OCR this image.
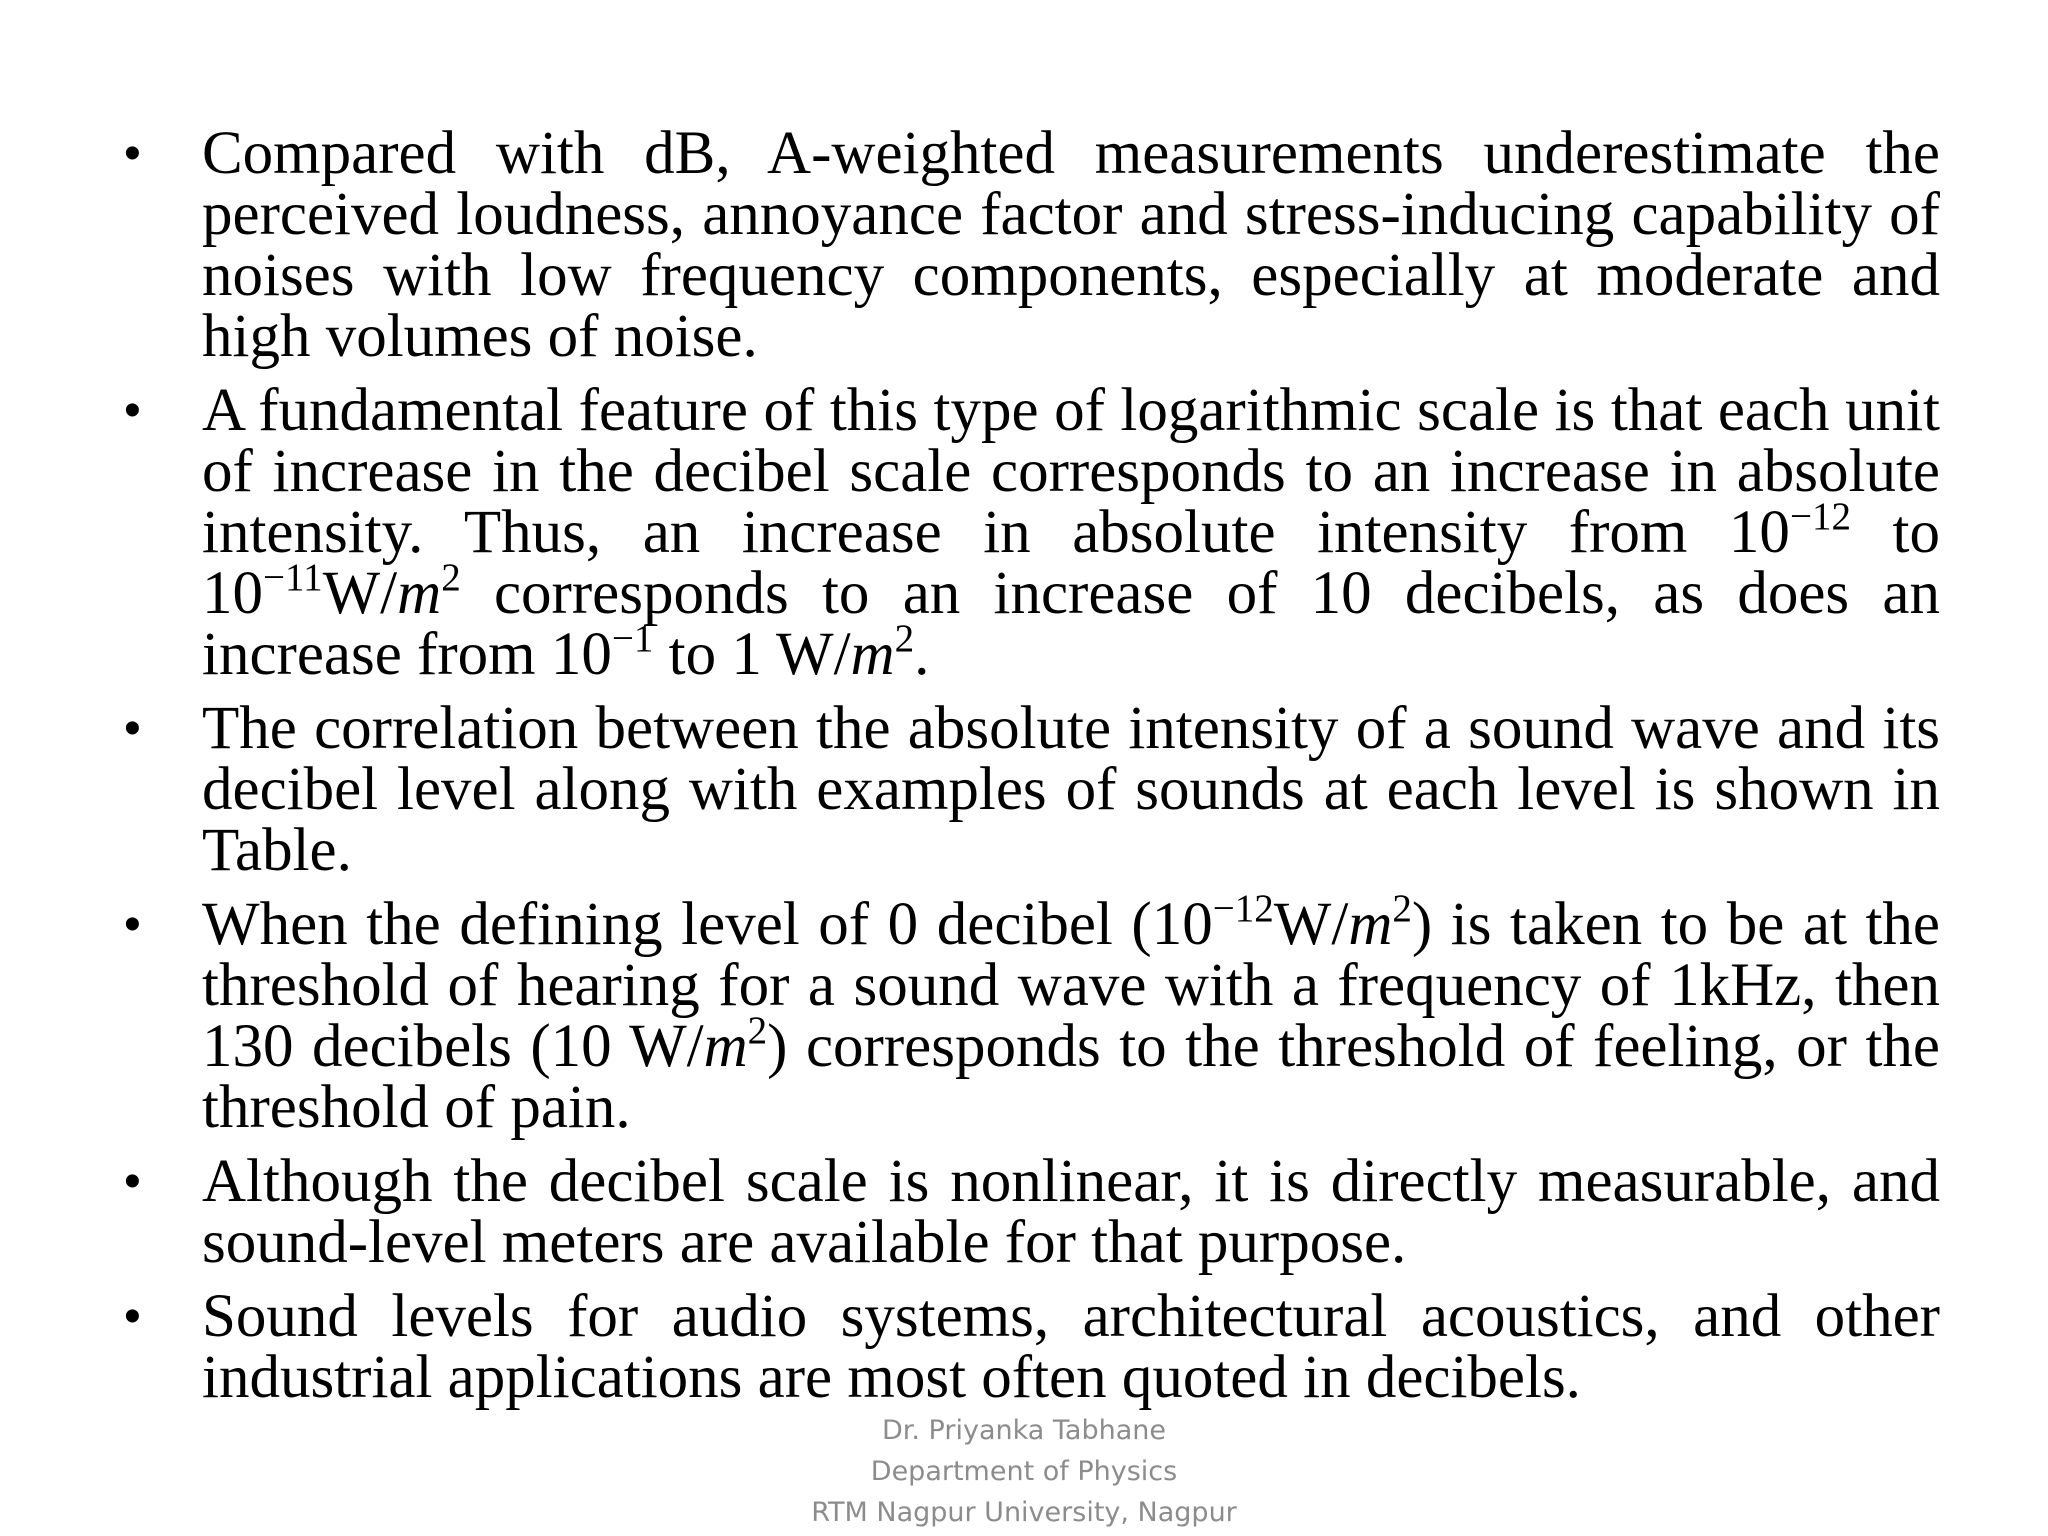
• Compared with dB, A-weighted measurements underestimate the perceived loudness, annoyance factor and stress-inducing capability of noises with low frequency components, especially at moderate and high volumes of noise.
• A fundamental feature of this type of logarithmic scale is that each unit of increase in the decibel scale corresponds to an increase in absolute intensity. Thus, an increase in absolute intensity from $10^{-12}$ to $10^{-11}W/m^2$ corresponds to an increase of 10 decibels, as does an increase from $10^{-1}$ to 1 $W/m^2$.
• The correlation between the absolute intensity of a sound wave and its decibel level along with examples of sounds at each level is shown in Table.
• When the defining level of 0 decibel $(10^{-12}W/m^2)$ is taken to be at the threshold of hearing for a sound wave with a frequency of 1kHz, then 130 decibels (10 $W/m^2$) corresponds to the threshold of feeling, or the threshold of pain.
• Although the decibel scale is nonlinear, it is directly measurable, and sound-level meters are available for that purpose.
• Sound levels for audio systems, architectural acoustics, and other industrial applications are most often quoted in decibels.
Dr. Priyanka Tabhane
Department of Physics
RTM Nagpur University, Nagpur
